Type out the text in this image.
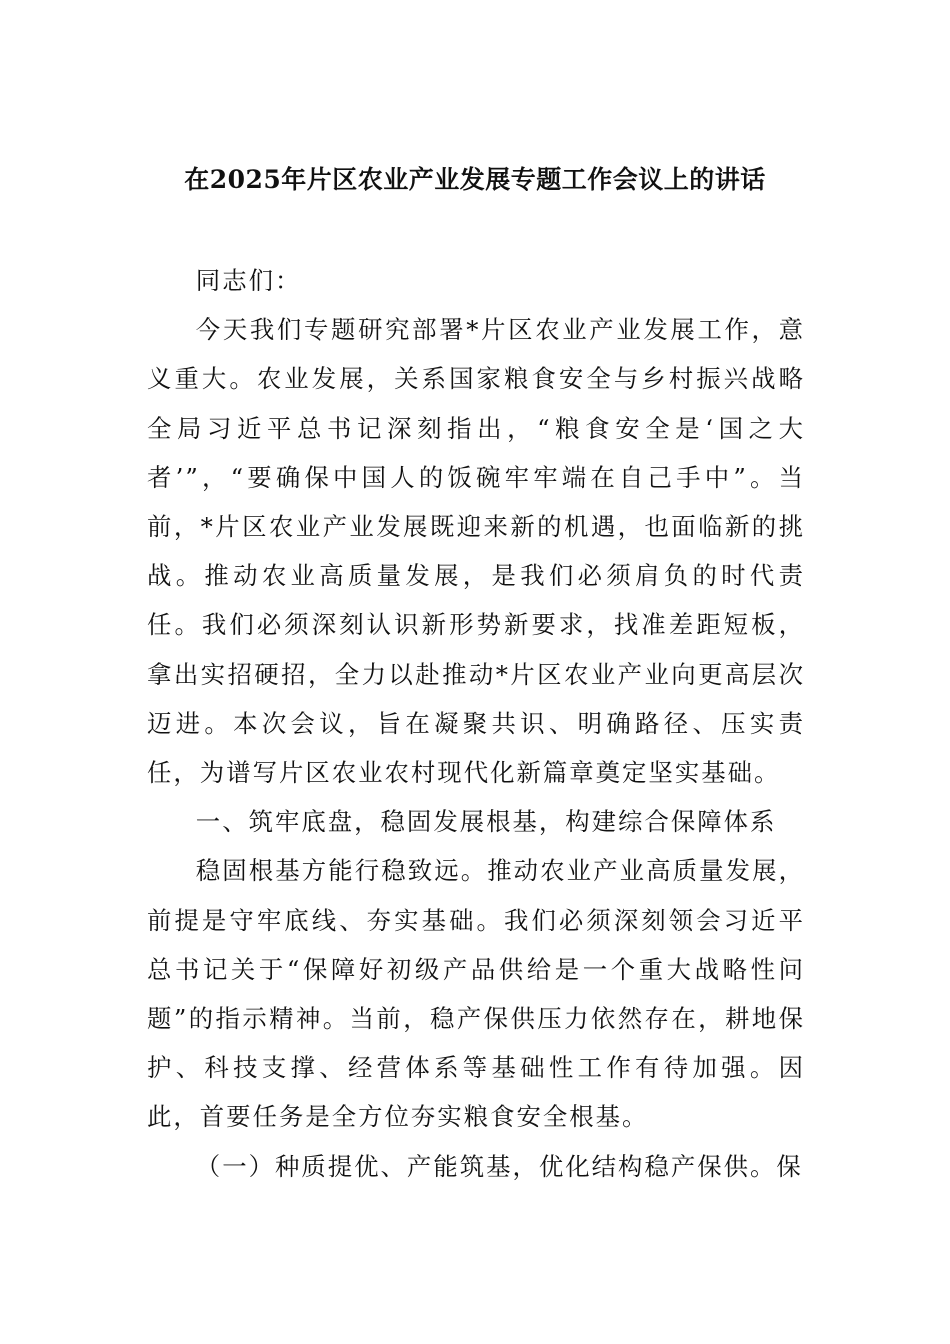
在2025年片区农业产业发展专题工作会议上的讲话

同志们：

今天我们专题研究部署*片区农业产业发展工作，意义重大。农业发展，关系国家粮食安全与乡村振兴战略全局习近平总书记深刻指出，“粮食安全是‘国之大者’”，“要确保中国人的饭碗牢牢端在自己手中”。当前，*片区农业产业发展既迎来新的机遇，也面临新的挑战。推动农业高质量发展，是我们必须肩负的时代责任。我们必须深刻认识新形势新要求，找准差距短板，拿出实招硬招，全力以赴推动*片区农业产业向更高层次迈进。本次会议，旨在凝聚共识、明确路径、压实责任，为谱写片区农业农村现代化新篇章奠定坚实基础。

一、筑牢底盘，稳固发展根基，构建综合保障体系

稳固根基方能行稳致远。推动农业产业高质量发展，前提是守牢底线、夯实基础。我们必须深刻领会习近平总书记关于“保障好初级产品供给是一个重大战略性问题”的指示精神。当前，稳产保供压力依然存在，耕地保护、科技支撑、经营体系等基础性工作有待加强。因此，首要任务是全方位夯实粮食安全根基。

（一）种质提优、产能筑基，优化结构稳产保供。保
